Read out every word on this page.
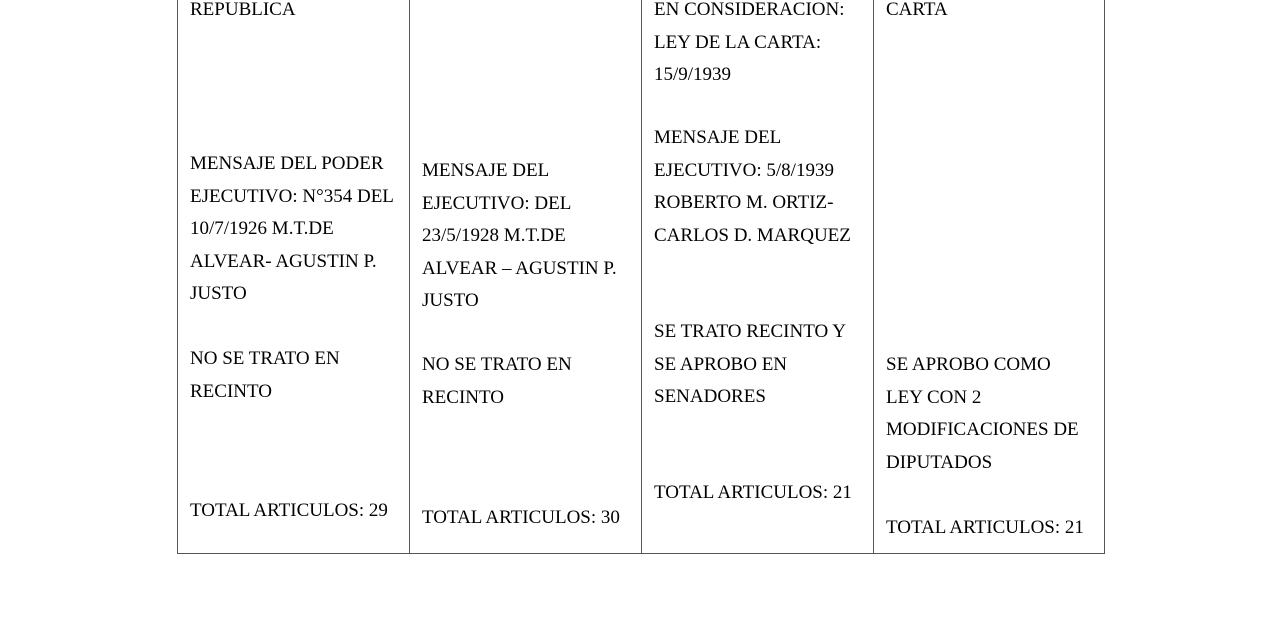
REPUBLICA

MENSAJE DEL PODER
EJECUTIVO: N°354 DEL
10/7/1926 M.T.DE
ALVEAR- AGUSTIN P.
JUSTO

NO SE TRATO EN
RECINTO

TOTAL ARTICULOS: 29

MENSAJE DEL
EJECUTIVO: DEL
23/5/1928 M.T.DE
ALVEAR – AGUSTIN P.
JUSTO

NO SE TRATO EN
RECINTO

TOTAL ARTICULOS: 30

EN CONSIDERACION:
LEY DE LA CARTA:
15/9/1939

MENSAJE DEL
EJECUTIVO: 5/8/1939
ROBERTO M. ORTIZ-
CARLOS D. MARQUEZ

SE TRATO RECINTO Y
SE APROBO EN
SENADORES

TOTAL ARTICULOS: 21

CARTA

SE APROBO COMO
LEY CON 2
MODIFICACIONES DE
DIPUTADOS

TOTAL ARTICULOS: 21
